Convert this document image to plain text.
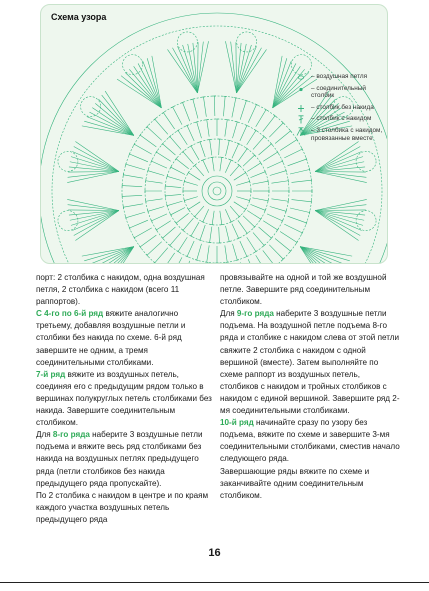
Схема узора
– воздушная петля
– соединительный столбик
– столбик без накида
– столбик с накидом
– 3 столбика с накидом, провязанные вместе

порт: 2 столбика с накидом, одна воздушная петля, 2 столбика с накидом (всего 11 раппортов).

С 4-го по 6-й ряд вяжите аналогично третьему, добавляя воздушные петли и столбики без накида по схеме. 6-й ряд завершите не одним, а тремя соединительными столбиками.

7-й ряд вяжите из воздушных петель, соединяя его с предыдущим рядом только в вершинах полукруглых петель столбиками без накида. Завершите соединительным столбиком.

Для 8-го ряда наберите 3 воздушные петли подъема и вяжите весь ряд столбиками без накида на воздушных петлях предыдущего ряда (петли столбиков без накида предыдущего ряда пропускайте).

По 2 столбика с накидом в центре и по краям каждого участка воздушных петель предыдущего ряда

провязывайте на одной и той же воздушной петле. Завершите ряд соединительным столбиком.

Для 9-го ряда наберите 3 воздушные петли подъема. На воздушной петле подъема 8-го ряда и столбике с накидом слева от этой петли свяжите 2 столбика с накидом с одной вершиной (вместе). Затем выполняйте по схеме раппорт из воздушных петель, столбиков с накидом и тройных столбиков с накидом с единой вершиной. Завершите ряд 2-мя соединительными столбиками.

10-й ряд начинайте сразу по узору без подъема, вяжите по схеме и завершите 3-мя соединительными столбиками, сместив начало следующего ряда.

Завершающие ряды вяжите по схеме и заканчивайте одним соединительным столбиком.

16
